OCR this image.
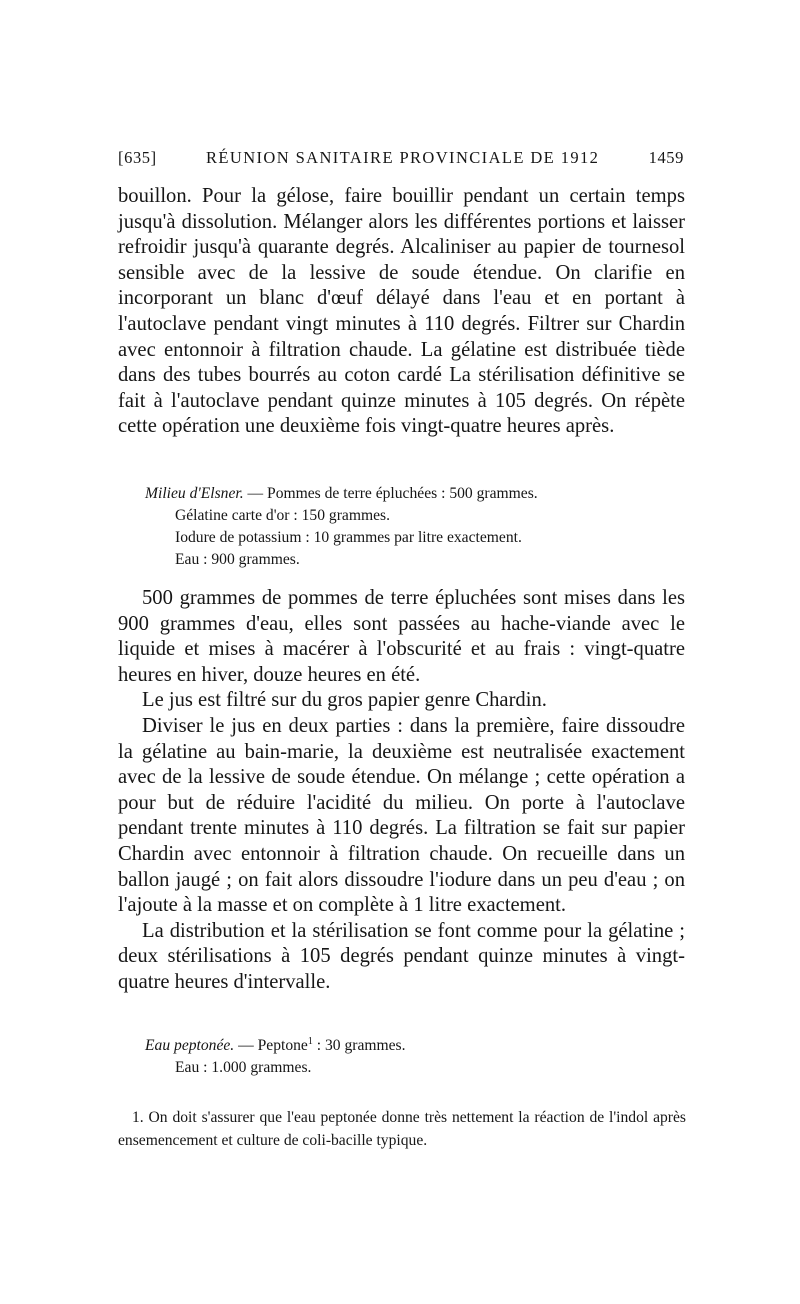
[635]	RÉUNION SANITAIRE PROVINCIALE DE 1912	1459

bouillon. Pour la gélose, faire bouillir pendant un certain temps jusqu'à dissolution. Mélanger alors les différentes portions et laisser refroidir jusqu'à quarante degrés. Alcaliniser au papier de tournesol sensible avec de la lessive de soude étendue. On clarifie en incorporant un blanc d'œuf délayé dans l'eau et en portant à l'autoclave pendant vingt minutes à 110 degrés. Filtrer sur Chardin avec entonnoir à filtration chaude. La gélatine est distribuée tiède dans des tubes bourrés au coton cardé La stérilisation définitive se fait à l'autoclave pendant quinze minutes à 105 degrés. On répète cette opération une deuxième fois vingt-quatre heures après.

Milieu d'Elsner. — Pommes de terre épluchées : 500 grammes.
Gélatine carte d'or : 150 grammes.
Iodure de potassium : 10 grammes par litre exactement.
Eau : 900 grammes.

500 grammes de pommes de terre épluchées sont mises dans les 900 grammes d'eau, elles sont passées au hache-viande avec le liquide et mises à macérer à l'obscurité et au frais : vingt-quatre heures en hiver, douze heures en été.

Le jus est filtré sur du gros papier genre Chardin.

Diviser le jus en deux parties : dans la première, faire dissoudre la gélatine au bain-marie, la deuxième est neutralisée exactement avec de la lessive de soude étendue. On mélange ; cette opération a pour but de réduire l'acidité du milieu. On porte à l'autoclave pendant trente minutes à 110 degrés. La filtration se fait sur papier Chardin avec entonnoir à filtration chaude. On recueille dans un ballon jaugé ; on fait alors dissoudre l'iodure dans un peu d'eau ; on l'ajoute à la masse et on complète à 1 litre exactement.

La distribution et la stérilisation se font comme pour la gélatine ; deux stérilisations à 105 degrés pendant quinze minutes à vingt-quatre heures d'intervalle.

Eau peptonée. — Peptone$^1$ : 30 grammes.
Eau : 1.000 grammes.

1. On doit s'assurer que l'eau peptonée donne très nettement la réaction de l'indol après ensemencement et culture de coli-bacille typique.
